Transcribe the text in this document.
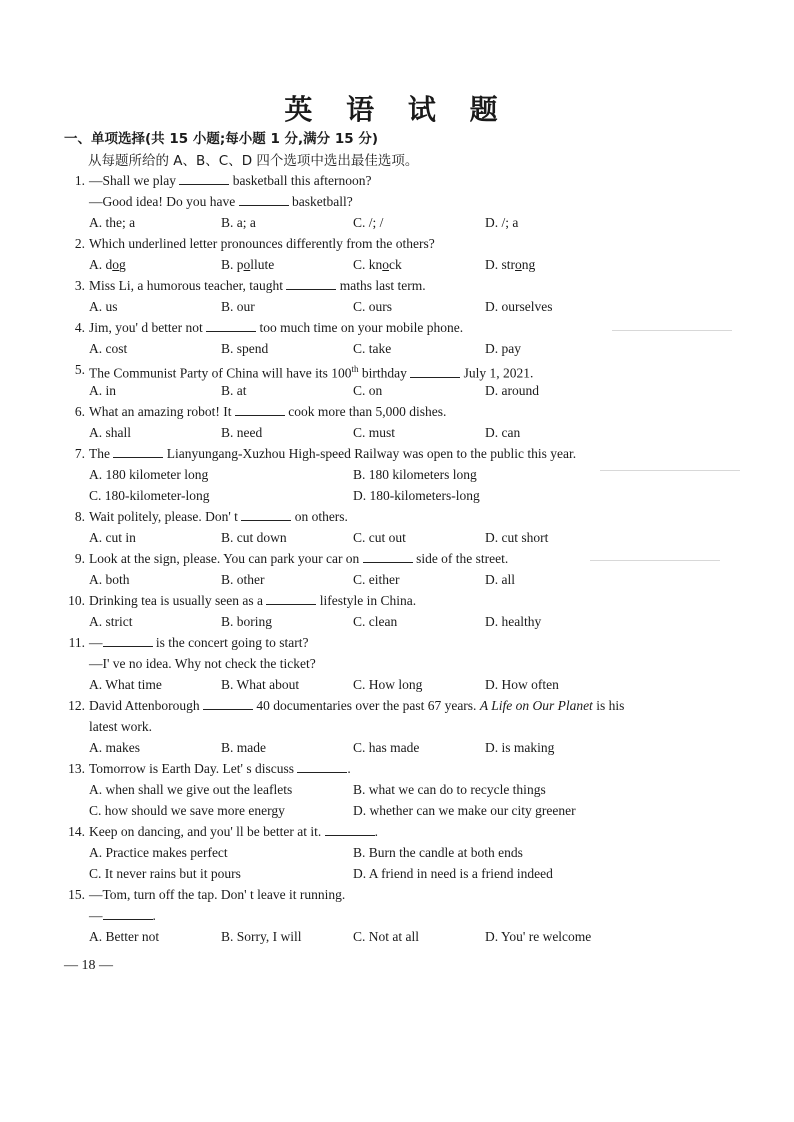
英 语 试 题
一、单项选择(共 15 小题;每小题 1 分,满分 15 分)
从每题所给的 A、B、C、D 四个选项中选出最佳选项。
1. —Shall we play	basketball this afternoon?
—Good idea! Do you have	basketball?
A. the; a	B. a; a	C. /; /	D. /; a
2. Which underlined letter pronounces differently from the others?
A. dog	B. pollute	C. knock	D. strong
3. Miss Li, a humorous teacher, taught	maths last term.
A. us	B. our	C. ours	D. ourselves
4. Jim, you' d better not	too much time on your mobile phone.
A. cost	B. spend	C. take	D. pay
5. The Communist Party of China will have its 100th birthday	July 1, 2021.
A. in	B. at	C. on	D. around
6. What an amazing robot! It	cook more than 5,000 dishes.
A. shall	B. need	C. must	D. can
7. The	Lianyungang-Xuzhou High-speed Railway was open to the public this year.
A. 180 kilometer long	B. 180 kilometers long
C. 180-kilometer-long	D. 180-kilometers-long
8. Wait politely, please. Don' t	on others.
A. cut in	B. cut down	C. cut out	D. cut short
9. Look at the sign, please. You can park your car on	side of the street.
A. both	B. other	C. either	D. all
10. Drinking tea is usually seen as a	lifestyle in China.
A. strict	B. boring	C. clean	D. healthy
11. —	is the concert going to start?
—I' ve no idea. Why not check the ticket?
A. What time	B. What about	C. How long	D. How often
12. David Attenborough	40 documentaries over the past 67 years. A Life on Our Planet is his
latest work.
A. makes	B. made	C. has made	D. is making
13. Tomorrow is Earth Day. Let' s discuss	.
A. when shall we give out the leaflets	B. what we can do to recycle things
C. how should we save more energy	D. whether can we make our city greener
14. Keep on dancing, and you' ll be better at it.	.
A. Practice makes perfect	B. Burn the candle at both ends
C. It never rains but it pours	D. A friend in need is a friend indeed
15. —Tom, turn off the tap. Don' t leave it running.
—	.
A. Better not	B. Sorry, I will	C. Not at all	D. You' re welcome
— 18 —
